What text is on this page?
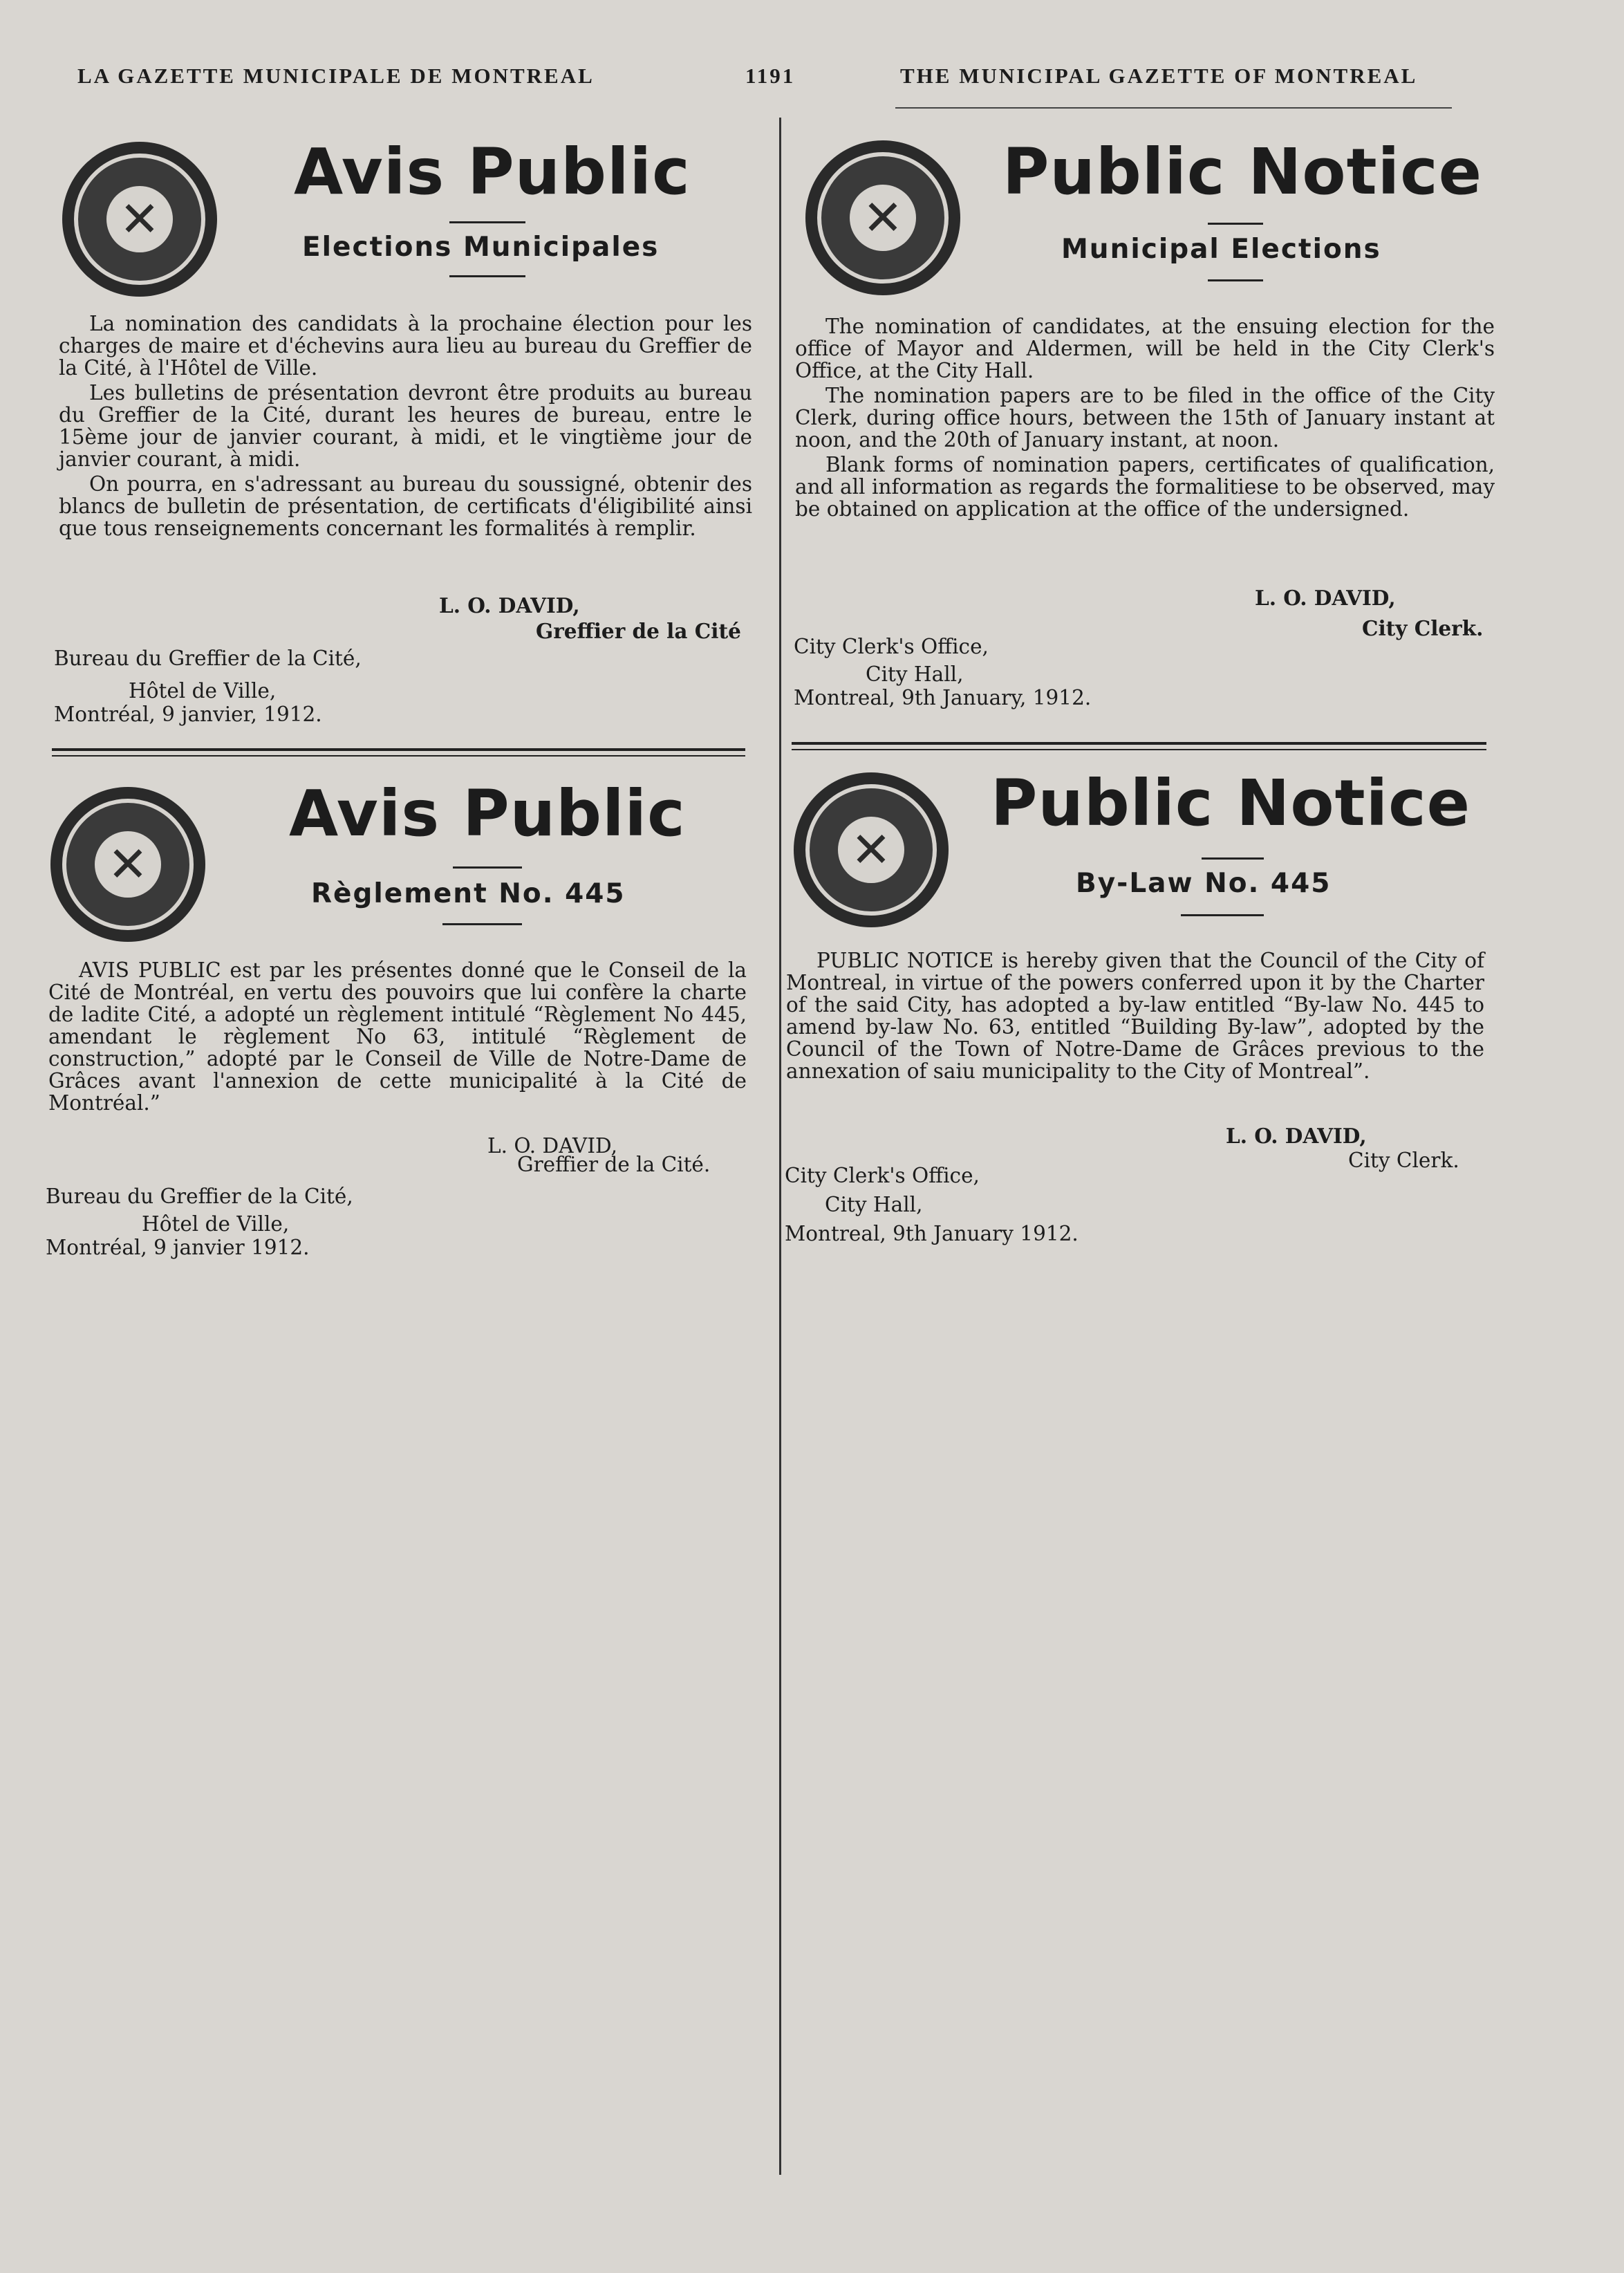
LA GAZETTE MUNICIPALE DE MONTREAL	1191	THE MUNICIPAL GAZETTE OF MONTREAL
✕
Avis Public
Elections Municipales

La nomination des candidats à la prochaine élection pour les charges de maire et d'échevins aura lieu au bureau du Greffier de la Cité, à l'Hôtel de Ville.

Les bulletins de présentation devront être produits au bureau du Greffier de la Cité, durant les heures de bureau, entre le 15ème jour de janvier courant, à midi, et le vingtième jour de janvier courant, à midi.

On pourra, en s'adressant au bureau du soussigné, obtenir des blancs de bulletin de présentation, de certificats d'éligibilité ainsi que tous renseignements concernant les formalités à remplir.

L. O. DAVID,
Greffier de la Cité
Bureau du Greffier de la Cité,
Hôtel de Ville,
Montréal, 9 janvier, 1912.
✕
Public Notice
Municipal Elections

The nomination of candidates, at the ensuing election for the office of Mayor and Aldermen, will be held in the City Clerk's Office, at the City Hall.

The nomination papers are to be filed in the office of the City Clerk, during office hours, between the 15th of January instant at noon, and the 20th of January instant, at noon.

Blank forms of nomination papers, certificates of qualification, and all information as regards the formalitiese to be observed, may be obtained on application at the office of the undersigned.

L. O. DAVID,
City Clerk.
City Clerk's Office,
City Hall,
Montreal, 9th January, 1912.
✕
Avis Public
Règlement No. 445

AVIS PUBLIC est par les présentes donné que le Conseil de la Cité de Montréal, en vertu des pouvoirs que lui confère la charte de ladite Cité, a adopté un règlement intitulé “Règlement No 445, amendant le règlement No 63, intitulé “Règlement de construction,” adopté par le Conseil de Ville de Notre-Dame de Grâces avant l'annexion de cette municipalité à la Cité de Montréal.”

L. O. DAVID,
Greffier de la Cité.
Bureau du Greffier de la Cité,
Hôtel de Ville,
Montréal, 9 janvier 1912.
✕
Public Notice
By-Law No. 445

PUBLIC NOTICE is hereby given that the Council of the City of Montreal, in virtue of the powers conferred upon it by the Charter of the said City, has adopted a by-law entitled “By-law No. 445 to amend by-law No. 63, entitled “Building By-law”, adopted by the Council of the Town of Notre-Dame de Grâces previous to the annexation of saiu municipality to the City of Montreal”.

L. O. DAVID,
City Clerk.
City Clerk's Office,
City Hall,
Montreal, 9th January 1912.
